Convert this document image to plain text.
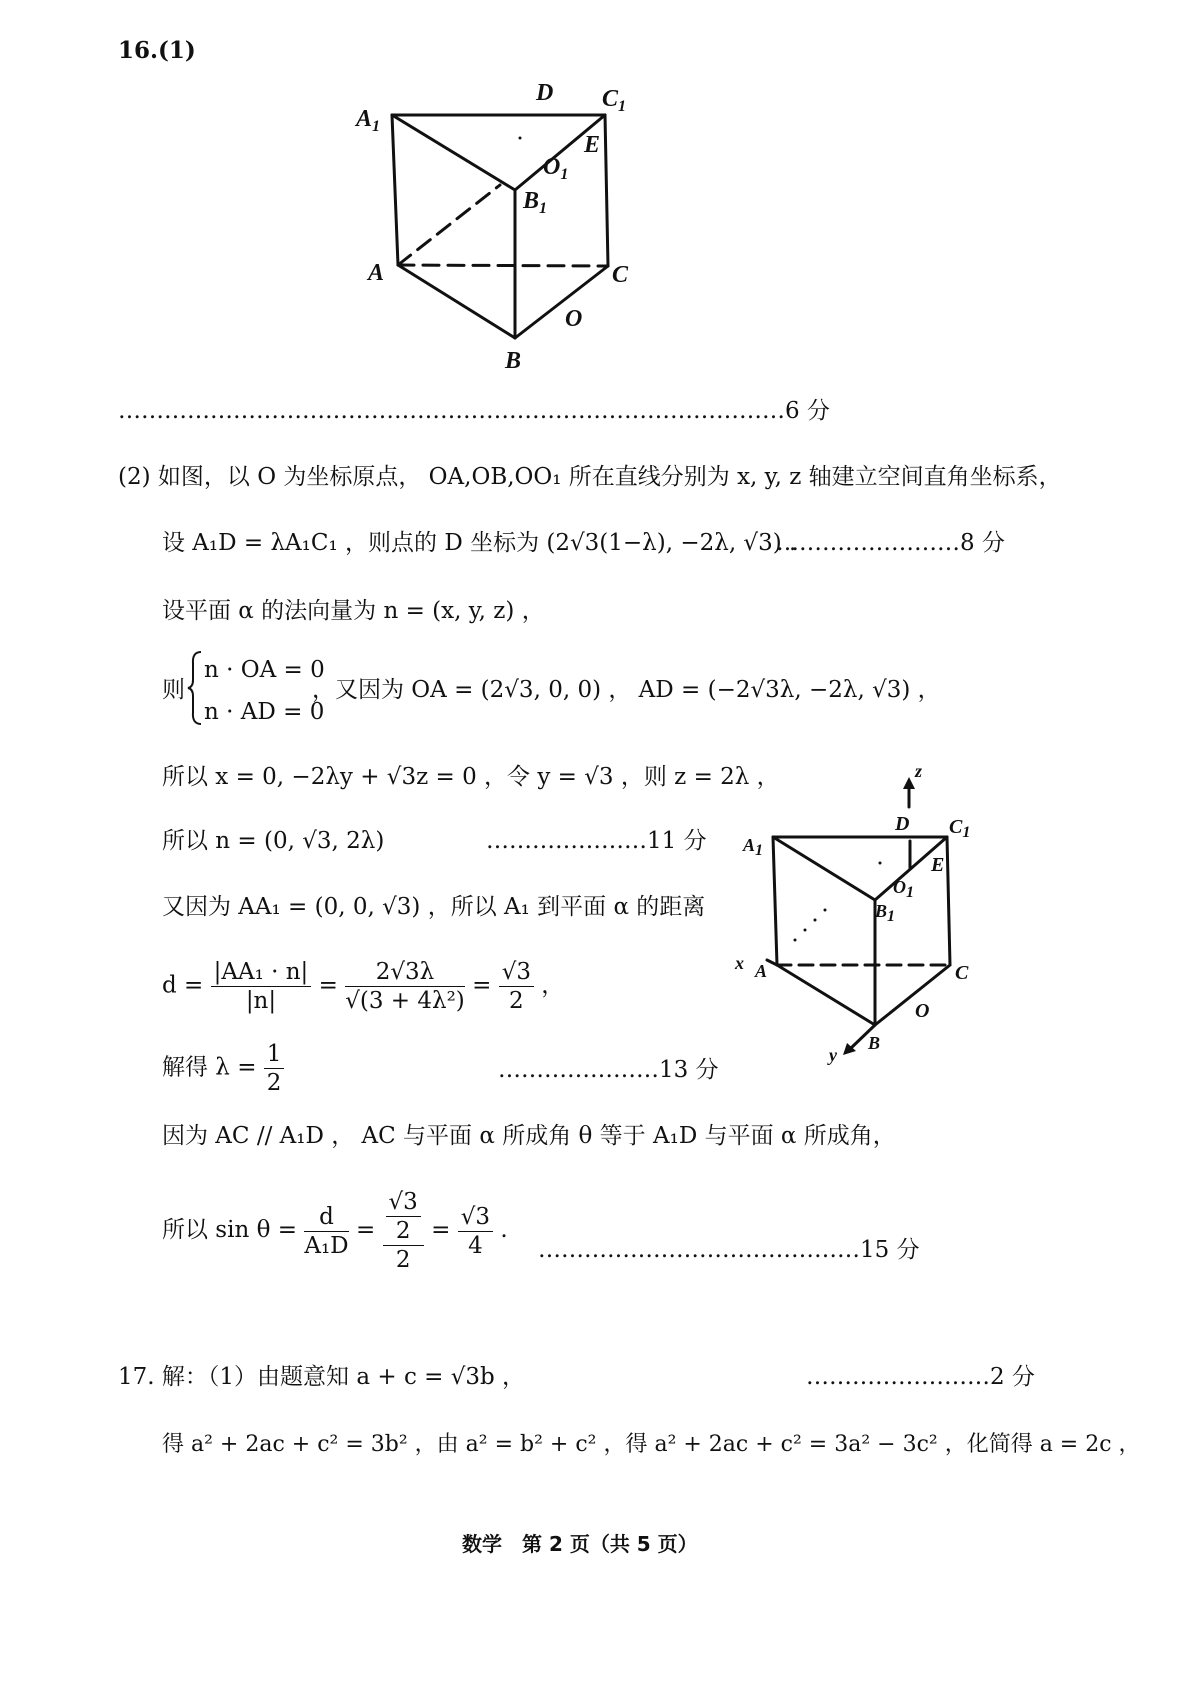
16.(1)
$A_1$
D $C_1$
E
$O_1$
$B_1$
A	C
O
B
……………………………………………………………………………6 分
(2) 如图，以 O 为坐标原点， OA,OB,OO₁ 所在直线分别为 x, y, z 轴建立空间直角坐标系，
设 A₁D = λA₁C₁ ，则点的 D 坐标为 (2√3(1−λ), −2λ, √3) .
……………………8 分
设平面 α 的法向量为 n = (x, y, z) ，
则
n · OA = 0
n · AD = 0
，又因为 OA = (2√3, 0, 0) ， AD = (−2√3λ, −2λ, √3) ，
所以 x = 0, −2λy + √3z = 0 ，令 y = √3 ，则 z = 2λ ，
所以 n = (0, √3, 2λ)	…………………11 分
又因为 AA₁ = (0, 0, √3) ，所以 A₁ 到平面 α 的距离
$d = \frac{\text{|AA₁ · n|}}{|n|} = \frac{2√3\lambda}{\text{√(3 + 4λ²)}} = \frac{√3}{2}$ ，
解得 $\lambda = \frac{1}{2}$	…………………13 分
因为 AC // A₁D ， AC 与平面 α 所成角 θ 等于 A₁D 与平面 α 所成角，
所以 $\sin \theta = \frac{d}{\text{A₁D}} = \frac{\frac{√3}{2}}{2} = \frac{√3}{4}$ .
……………………………………15 分
z
D $C_1$
A1
E
O1
B1
x A	C
O
y
B
17. 解：（1）由题意知 a + c = √3b ，	……………………2 分
得 a² + 2ac + c² = 3b² ，由 a² = b² + c² ，得 a² + 2ac + c² = 3a² − 3c² ，化简得 a = 2c ，
数学　第 2 页（共 5 页）
